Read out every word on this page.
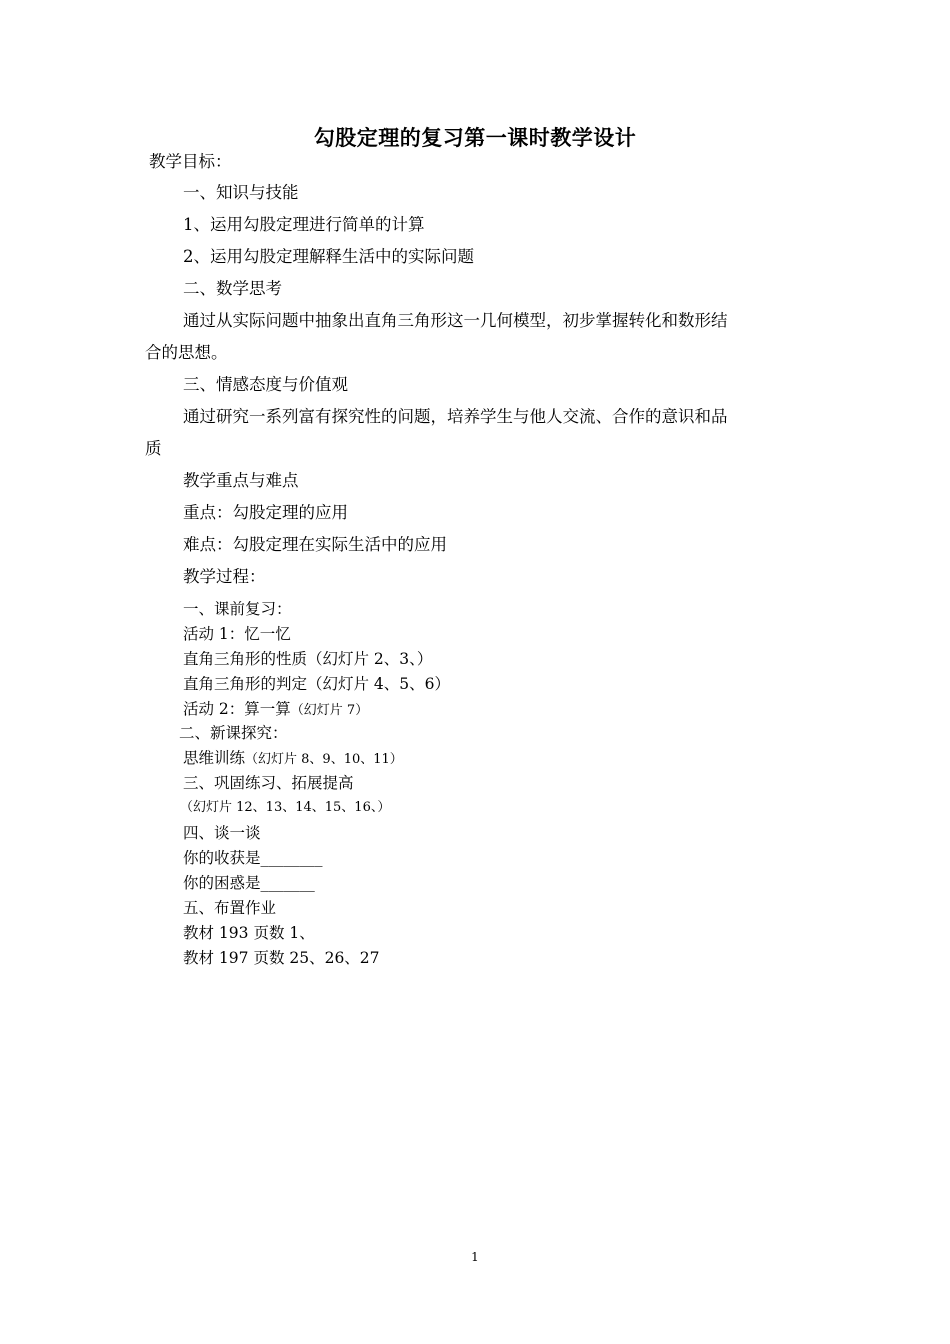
勾股定理的复习第一课时教学设计
教学目标：
一、知识与技能
1、运用勾股定理进行简单的计算
2、运用勾股定理解释生活中的实际问题
二、数学思考
通过从实际问题中抽象出直角三角形这一几何模型，初步掌握转化和数形结
合的思想。
三、情感态度与价值观
通过研究一系列富有探究性的问题，培养学生与他人交流、合作的意识和品
质
教学重点与难点
重点：勾股定理的应用
难点：勾股定理在实际生活中的应用
教学过程：
一、课前复习：
活动 1：忆一忆
直角三角形的性质（幻灯片 2、3、）
直角三角形的判定（幻灯片 4、5、6）
活动 2：算一算（幻灯片 7）
二、新课探究：
思维训练（幻灯片 8、9、10、11）
三、巩固练习、拓展提高
（幻灯片 12、13、14、15、16、）
四、谈一谈
你的收获是________
你的困惑是_______
五、布置作业
教材 193 页数 1、
教材 197 页数 25、26、27
1
